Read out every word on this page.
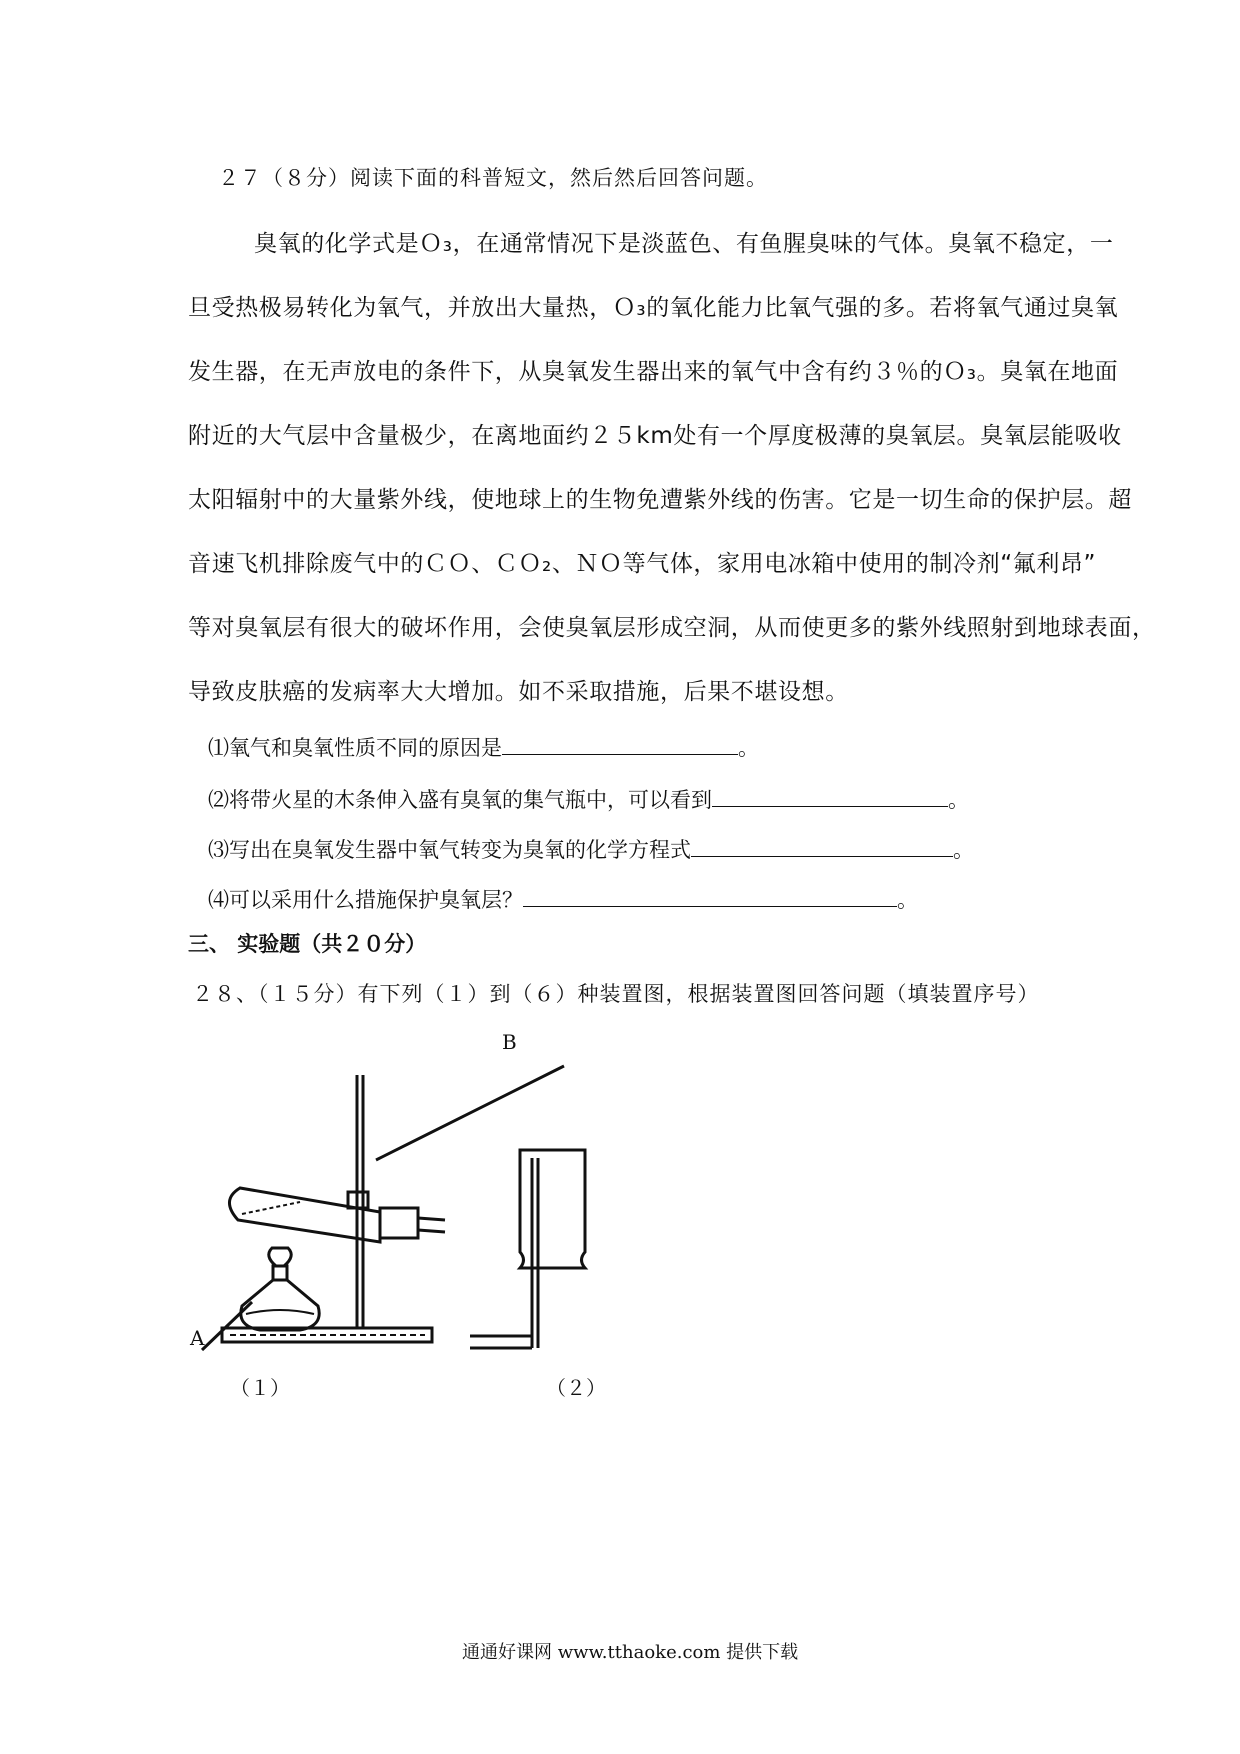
２７（８分）阅读下面的科普短文，然后然后回答问题。
臭氧的化学式是Ｏ₃，在通常情况下是淡蓝色、有鱼腥臭味的气体。臭氧不稳定，一
旦受热极易转化为氧气，并放出大量热，Ｏ₃的氧化能力比氧气强的多。若将氧气通过臭氧
发生器，在无声放电的条件下，从臭氧发生器出来的氧气中含有约３％的Ｏ₃。臭氧在地面
附近的大气层中含量极少，在离地面约２５km处有一个厚度极薄的臭氧层。臭氧层能吸收
太阳辐射中的大量紫外线，使地球上的生物免遭紫外线的伤害。它是一切生命的保护层。超
音速飞机排除废气中的ＣＯ、ＣＯ₂、ＮＯ等气体，家用电冰箱中使用的制冷剂“氟利昂”
等对臭氧层有很大的破坏作用，会使臭氧层形成空洞，从而使更多的紫外线照射到地球表面，
导致皮肤癌的发病率大大增加。如不采取措施，后果不堪设想。
⑴氧气和臭氧性质不同的原因是	。
⑵将带火星的木条伸入盛有臭氧的集气瓶中，可以看到	。
⑶写出在臭氧发生器中氧气转变为臭氧的化学方程式	。
⑷可以采用什么措施保护臭氧层？	。
三、 实验题（共２０分）
２８、（１５分）有下列（１）到（６）种装置图，根据装置图回答问题（填装置序号）
B
A
（１）	（２）
通通好课网 www.tthaoke.com 提供下载
